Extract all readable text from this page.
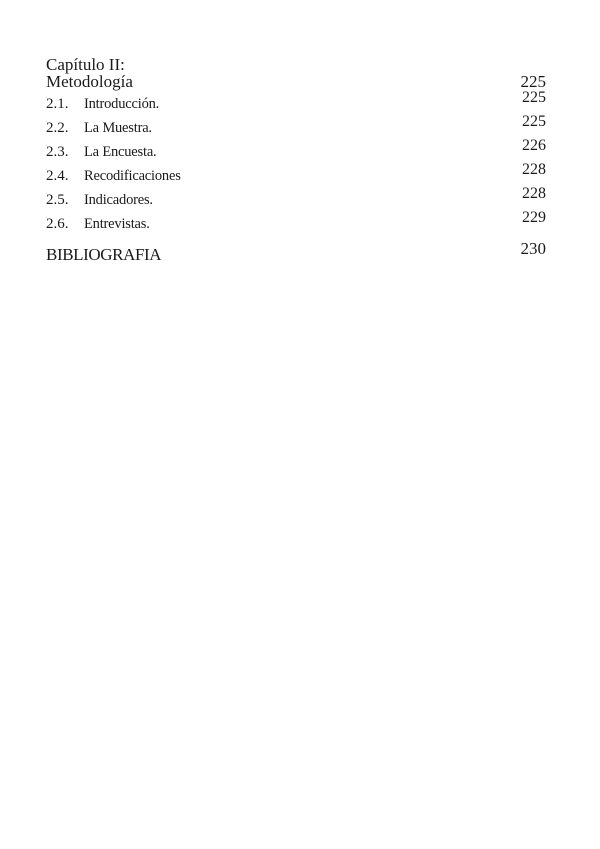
Capítulo II:
Metodología	225
2.1.	Introducción.	225
2.2.	La Muestra.	225
2.3.	La Encuesta.	226
2.4.	Recodificaciones	228
2.5.	Indicadores.	228
2.6.	Entrevistas.	229
BIBLIOGRAFIA	230
